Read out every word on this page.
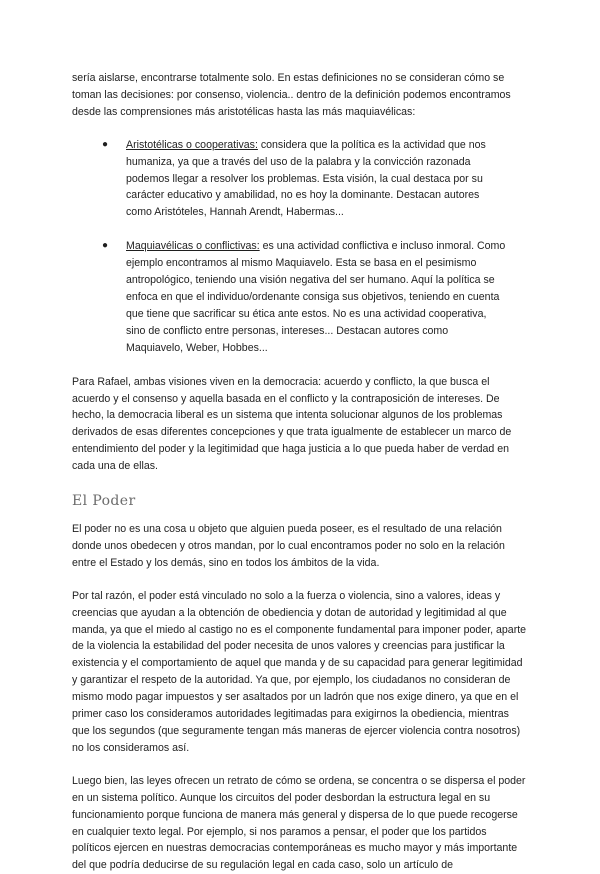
sería aislarse, encontrarse totalmente solo. En estas definiciones no se consideran cómo se toman las decisiones: por consenso, violencia.. dentro de la definición podemos encontramos desde las comprensiones más aristotélicas hasta las más maquiavélicas:

● Aristotélicas o cooperativas: considera que la política es la actividad que nos humaniza, ya que a través del uso de la palabra y la convicción razonada podemos llegar a resolver los problemas. Esta visión, la cual destaca por su carácter educativo y amabilidad, no es hoy la dominante. Destacan autores como Aristóteles, Hannah Arendt, Habermas...
● Maquiavélicas o conflictivas: es una actividad conflictiva e incluso inmoral. Como ejemplo encontramos al mismo Maquiavelo. Esta se basa en el pesimismo antropológico, teniendo una visión negativa del ser humano. Aquí la política se enfoca en que el individuo/ordenante consiga sus objetivos, teniendo en cuenta que tiene que sacrificar su ética ante estos. No es una actividad cooperativa, sino de conflicto entre personas, intereses... Destacan autores como Maquiavelo, Weber, Hobbes...

Para Rafael, ambas visiones viven en la democracia: acuerdo y conflicto, la que busca el acuerdo y el consenso y aquella basada en el conflicto y la contraposición de intereses. De hecho, la democracia liberal es un sistema que intenta solucionar algunos de los problemas derivados de esas diferentes concepciones y que trata igualmente de establecer un marco de entendimiento del poder y la legitimidad que haga justicia a lo que pueda haber de verdad en cada una de ellas.

El Poder

El poder no es una cosa u objeto que alguien pueda poseer, es el resultado de una relación donde unos obedecen y otros mandan, por lo cual encontramos poder no solo en la relación entre el Estado y los demás, sino en todos los ámbitos de la vida.

Por tal razón, el poder está vinculado no solo a la fuerza o violencia, sino a valores, ideas y creencias que ayudan a la obtención de obediencia y dotan de autoridad y legitimidad al que manda, ya que el miedo al castigo no es el componente fundamental para imponer poder, aparte de la violencia la estabilidad del poder necesita de unos valores y creencias para justificar la existencia y el comportamiento de aquel que manda y de su capacidad para generar legitimidad y garantizar el respeto de la autoridad. Ya que, por ejemplo, los ciudadanos no consideran de mismo modo pagar impuestos y ser asaltados por un ladrón que nos exige dinero, ya que en el primer caso los consideramos autoridades legitimadas para exigirnos la obediencia, mientras que los segundos (que seguramente tengan más maneras de ejercer violencia contra nosotros) no los consideramos así.

Luego bien, las leyes ofrecen un retrato de cómo se ordena, se concentra o se dispersa el poder en un sistema político. Aunque los circuitos del poder desbordan la estructura legal en su funcionamiento porque funciona de manera más general y dispersa de lo que puede recogerse en cualquier texto legal. Por ejemplo, si nos paramos a pensar, el poder que los partidos políticos ejercen en nuestras democracias contemporáneas es mucho mayor y más importante del que podría deducirse de su regulación legal en cada caso, solo un artículo de
